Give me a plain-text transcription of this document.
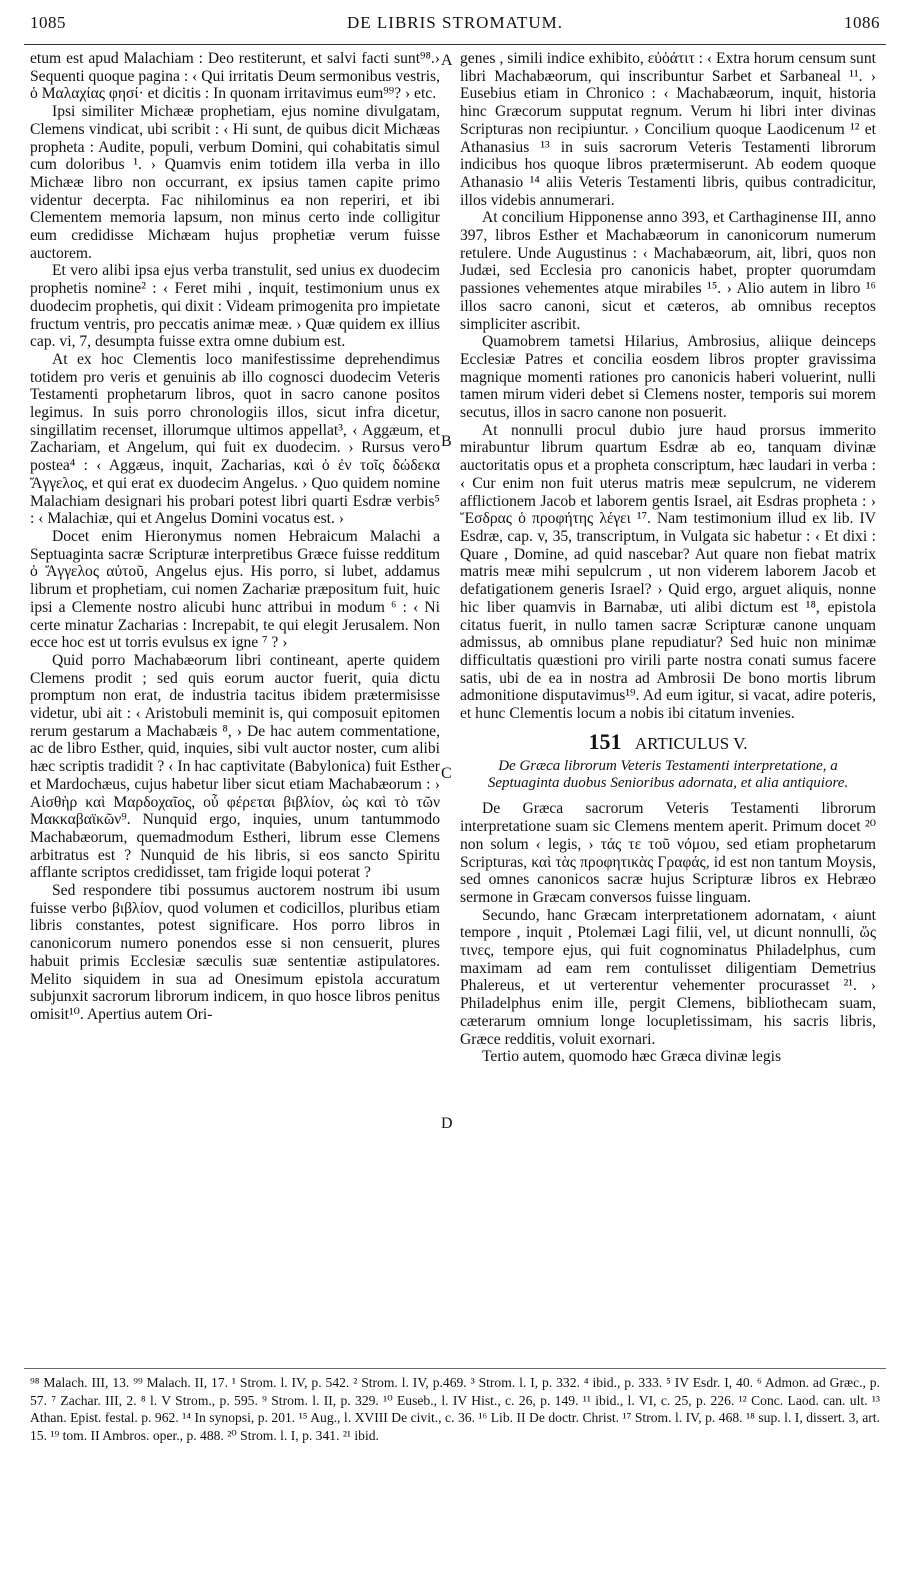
1085	DE LIBRIS STROMATUM.	1086
A
B
C
D

etum est apud Malachiam : Deo restiterunt, et salvi facti sunt⁹⁸.› Sequenti quoque pagina : ‹ Qui irritatis Deum sermonibus vestris, ὁ Μαλαχίας φησί· et dicitis : In quonam irritavimus eum⁹⁹? › etc.

Ipsi similiter Michææ prophetiam, ejus nomine divulgatam, Clemens vindicat, ubi scribit : ‹ Hi sunt, de quibus dicit Michæas propheta : Audite, populi, verbum Domini, qui cohabitatis simul cum doloribus ¹. › Quamvis enim totidem illa verba in illo Michææ libro non occurrant, ex ipsius tamen capite primo videntur decerpta. Fac nihilominus ea non reperiri, et ibi Clementem memoria lapsum, non minus certo inde colligitur eum credidisse Michæam hujus prophetiæ verum fuisse auctorem.

Et vero alibi ipsa ejus verba transtulit, sed unius ex duodecim prophetis nomine² : ‹ Feret mihi , inquit, testimonium unus ex duodecim prophetis, qui dixit : Videam primogenita pro impietate fructum ventris, pro peccatis animæ meæ. › Quæ quidem ex illius cap. vi, 7, desumpta fuisse extra omne dubium est.

At ex hoc Clementis loco manifestissime deprehendimus totidem pro veris et genuinis ab illo cognosci duodecim Veteris Testamenti prophetarum libros, quot in sacro canone positos legimus. In suis porro chronologiis illos, sicut infra dicetur, singillatim recenset, illorumque ultimos appellat³, ‹ Aggæum, et Zachariam, et Angelum, qui fuit ex duodecim. › Rursus vero postea⁴ : ‹ Aggæus, inquit, Zacharias, καὶ ὁ ἐν τοῖς δώδεκα Ἄγγελος, et qui erat ex duodecim Angelus. › Quo quidem nomine Malachiam designari his probari potest libri quarti Esdræ verbis⁵ : ‹ Malachiæ, qui et Angelus Domini vocatus est. ›

Docet enim Hieronymus nomen Hebraicum Malachi a Septuaginta sacræ Scripturæ interpretibus Græce fuisse redditum ὁ Ἄγγελος αὐτοῦ, Angelus ejus. His porro, si lubet, addamus librum et prophetiam, cui nomen Zachariæ præpositum fuit, huic ipsi a Clemente nostro alicubi hunc attribui in modum ⁶ : ‹ Ni certe minatur Zacharias : Increpabit, te qui elegit Jerusalem. Non ecce hoc est ut torris evulsus ex igne ⁷ ? ›

Quid porro Machabæorum libri contineant, aperte quidem Clemens prodit ; sed quis eorum auctor fuerit, quia dictu promptum non erat, de industria tacitus ibidem prætermisisse videtur, ubi ait : ‹ Aristobuli meminit is, qui composuit epitomen rerum gestarum a Machabæis ⁸, › De hac autem commentatione, ac de libro Esther, quid, inquies, sibi vult auctor noster, cum alibi hæc scriptis tradidit ? ‹ In hac captivitate (Babylonica) fuit Esther et Mardochæus, cujus habetur liber sicut etiam Machabæorum : › Αἰσθὴρ καὶ Μαρδοχαῖος, οὗ φέρεται βιβλίον, ὡς καὶ τὸ τῶν Μακκαβαϊκῶν⁹. Nunquid ergo, inquies, unum tantummodo Machabæorum, quemadmodum Estheri, librum esse Clemens arbitratus est ? Nunquid de his libris, si eos sancto Spiritu afflante scriptos credidisset, tam frigide loqui poterat ?

Sed respondere tibi possumus auctorem nostrum ibi usum fuisse verbo βιβλίον, quod volumen et codicillos, pluribus etiam libris constantes, potest significare. Hos porro libros in canonicorum numero ponendos esse si non censuerit, plures habuit primis Ecclesiæ sæculis suæ sententiæ astipulatores. Melito siquidem in sua ad Onesimum epistola accuratum subjunxit sacrorum librorum indicem, in quo hosce libros penitus omisit¹⁰. Apertius autem Ori-

genes , simili indice exhibito, εὐὁάτιτ : ‹ Extra horum censum sunt libri Machabæorum, qui inscribuntur Sarbet et Sarbaneal ¹¹. › Eusebius etiam in Chronico : ‹ Machabæorum, inquit, historia hinc Græcorum supputat regnum. Verum hi libri inter divinas Scripturas non recipiuntur. › Concilium quoque Laodicenum ¹² et Athanasius ¹³ in suis sacrorum Veteris Testamenti librorum indicibus hos quoque libros prætermiserunt. Ab eodem quoque Athanasio ¹⁴ aliis Veteris Testamenti libris, quibus contradicitur, illos videbis annumerari.

At concilium Hipponense anno 393, et Carthaginense III, anno 397, libros Esther et Machabæorum in canonicorum numerum retulere. Unde Augustinus : ‹ Machabæorum, ait, libri, quos non Judæi, sed Ecclesia pro canonicis habet, propter quorumdam passiones vehementes atque mirabiles ¹⁵. › Alio autem in libro ¹⁶ illos sacro canoni, sicut et cæteros, ab omnibus receptos simpliciter ascribit.

Quamobrem tametsi Hilarius, Ambrosius, aliique deinceps Ecclesiæ Patres et concilia eosdem libros propter gravissima magnique momenti rationes pro canonicis haberi voluerint, nulli tamen mirum videri debet si Clemens noster, temporis sui morem secutus, illos in sacro canone non posuerit.

At nonnulli procul dubio jure haud prorsus immerito mirabuntur librum quartum Esdræ ab eo, tanquam divinæ auctoritatis opus et a propheta conscriptum, hæc laudari in verba : ‹ Cur enim non fuit uterus matris meæ sepulcrum, ne viderem afflictionem Jacob et laborem gentis Israel, ait Esdras propheta : › Ἔσδρας ὁ προφήτης λέγει ¹⁷. Nam testimonium illud ex lib. IV Esdræ, cap. v, 35, transcriptum, in Vulgata sic habetur : ‹ Et dixi : Quare , Domine, ad quid nascebar? Aut quare non fiebat matrix matris meæ mihi sepulcrum , ut non viderem laborem Jacob et defatigationem generis Israel? › Quid ergo, arguet aliquis, nonne hic liber quamvis in Barnabæ, uti alibi dictum est ¹⁸, epistola citatus fuerit, in nullo tamen sacræ Scripturæ canone unquam admissus, ab omnibus plane repudiatur? Sed huic non minimæ difficultatis quæstioni pro virili parte nostra conati sumus facere satis, ubi de ea in nostra ad Ambrosii De bono mortis librum admonitione disputavimus¹⁹. Ad eum igitur, si vacat, adire poteris, et hunc Clementis locum a nobis ibi citatum invenies.

151 ARTICULUS V.
De Græca librorum Veteris Testamenti interpretatione, a Septuaginta duobus Senioribus adornata, et alia antiquiore.

De Græca sacrorum Veteris Testamenti librorum interpretatione suam sic Clemens mentem aperit. Primum docet ²⁰ non solum ‹ legis, › τάς τε τοῦ νόμου, sed etiam prophetarum Scripturas, καὶ τὰς προφητικὰς Γραφάς, id est non tantum Moysis, sed omnes canonicos sacræ hujus Scripturæ libros ex Hebræo sermone in Græcam conversos fuisse linguam.

Secundo, hanc Græcam interpretationem adornatam, ‹ aiunt tempore , inquit , Ptolemæi Lagi filii, vel, ut dicunt nonnulli, ὥς τινες, tempore ejus, qui fuit cognominatus Philadelphus, cum maximam ad eam rem contulisset diligentiam Demetrius Phalereus, et ut verterentur vehementer procurasset ²¹. › Philadelphus enim ille, pergit Clemens, bibliothecam suam, cæterarum omnium longe locupletissimam, his sacris libris, Græce redditis, voluit exornari.

Tertio autem, quomodo hæc Græca divinæ legis

⁹⁸ Malach. III, 13. ⁹⁹ Malach. II, 17. ¹ Strom. l. IV, p. 542. ² Strom. l. IV, p.469. ³ Strom. l. I, p. 332. ⁴ ibid., p. 333. ⁵ IV Esdr. I, 40. ⁶ Admon. ad Græc., p. 57. ⁷ Zachar. III, 2. ⁸ l. V Strom., p. 595. ⁹ Strom. l. II, p. 329. ¹⁰ Euseb., l. IV Hist., c. 26, p. 149. ¹¹ ibid., l. VI, c. 25, p. 226. ¹² Conc. Laod. can. ult. ¹³ Athan. Epist. festal. p. 962. ¹⁴ In synopsi, p. 201. ¹⁵ Aug., l. XVIII De civit., c. 36. ¹⁶ Lib. II De doctr. Christ. ¹⁷ Strom. l. IV, p. 468. ¹⁸ sup. l. I, dissert. 3, art. 15. ¹⁹ tom. II Ambros. oper., p. 488. ²⁰ Strom. l. I, p. 341. ²¹ ibid.
